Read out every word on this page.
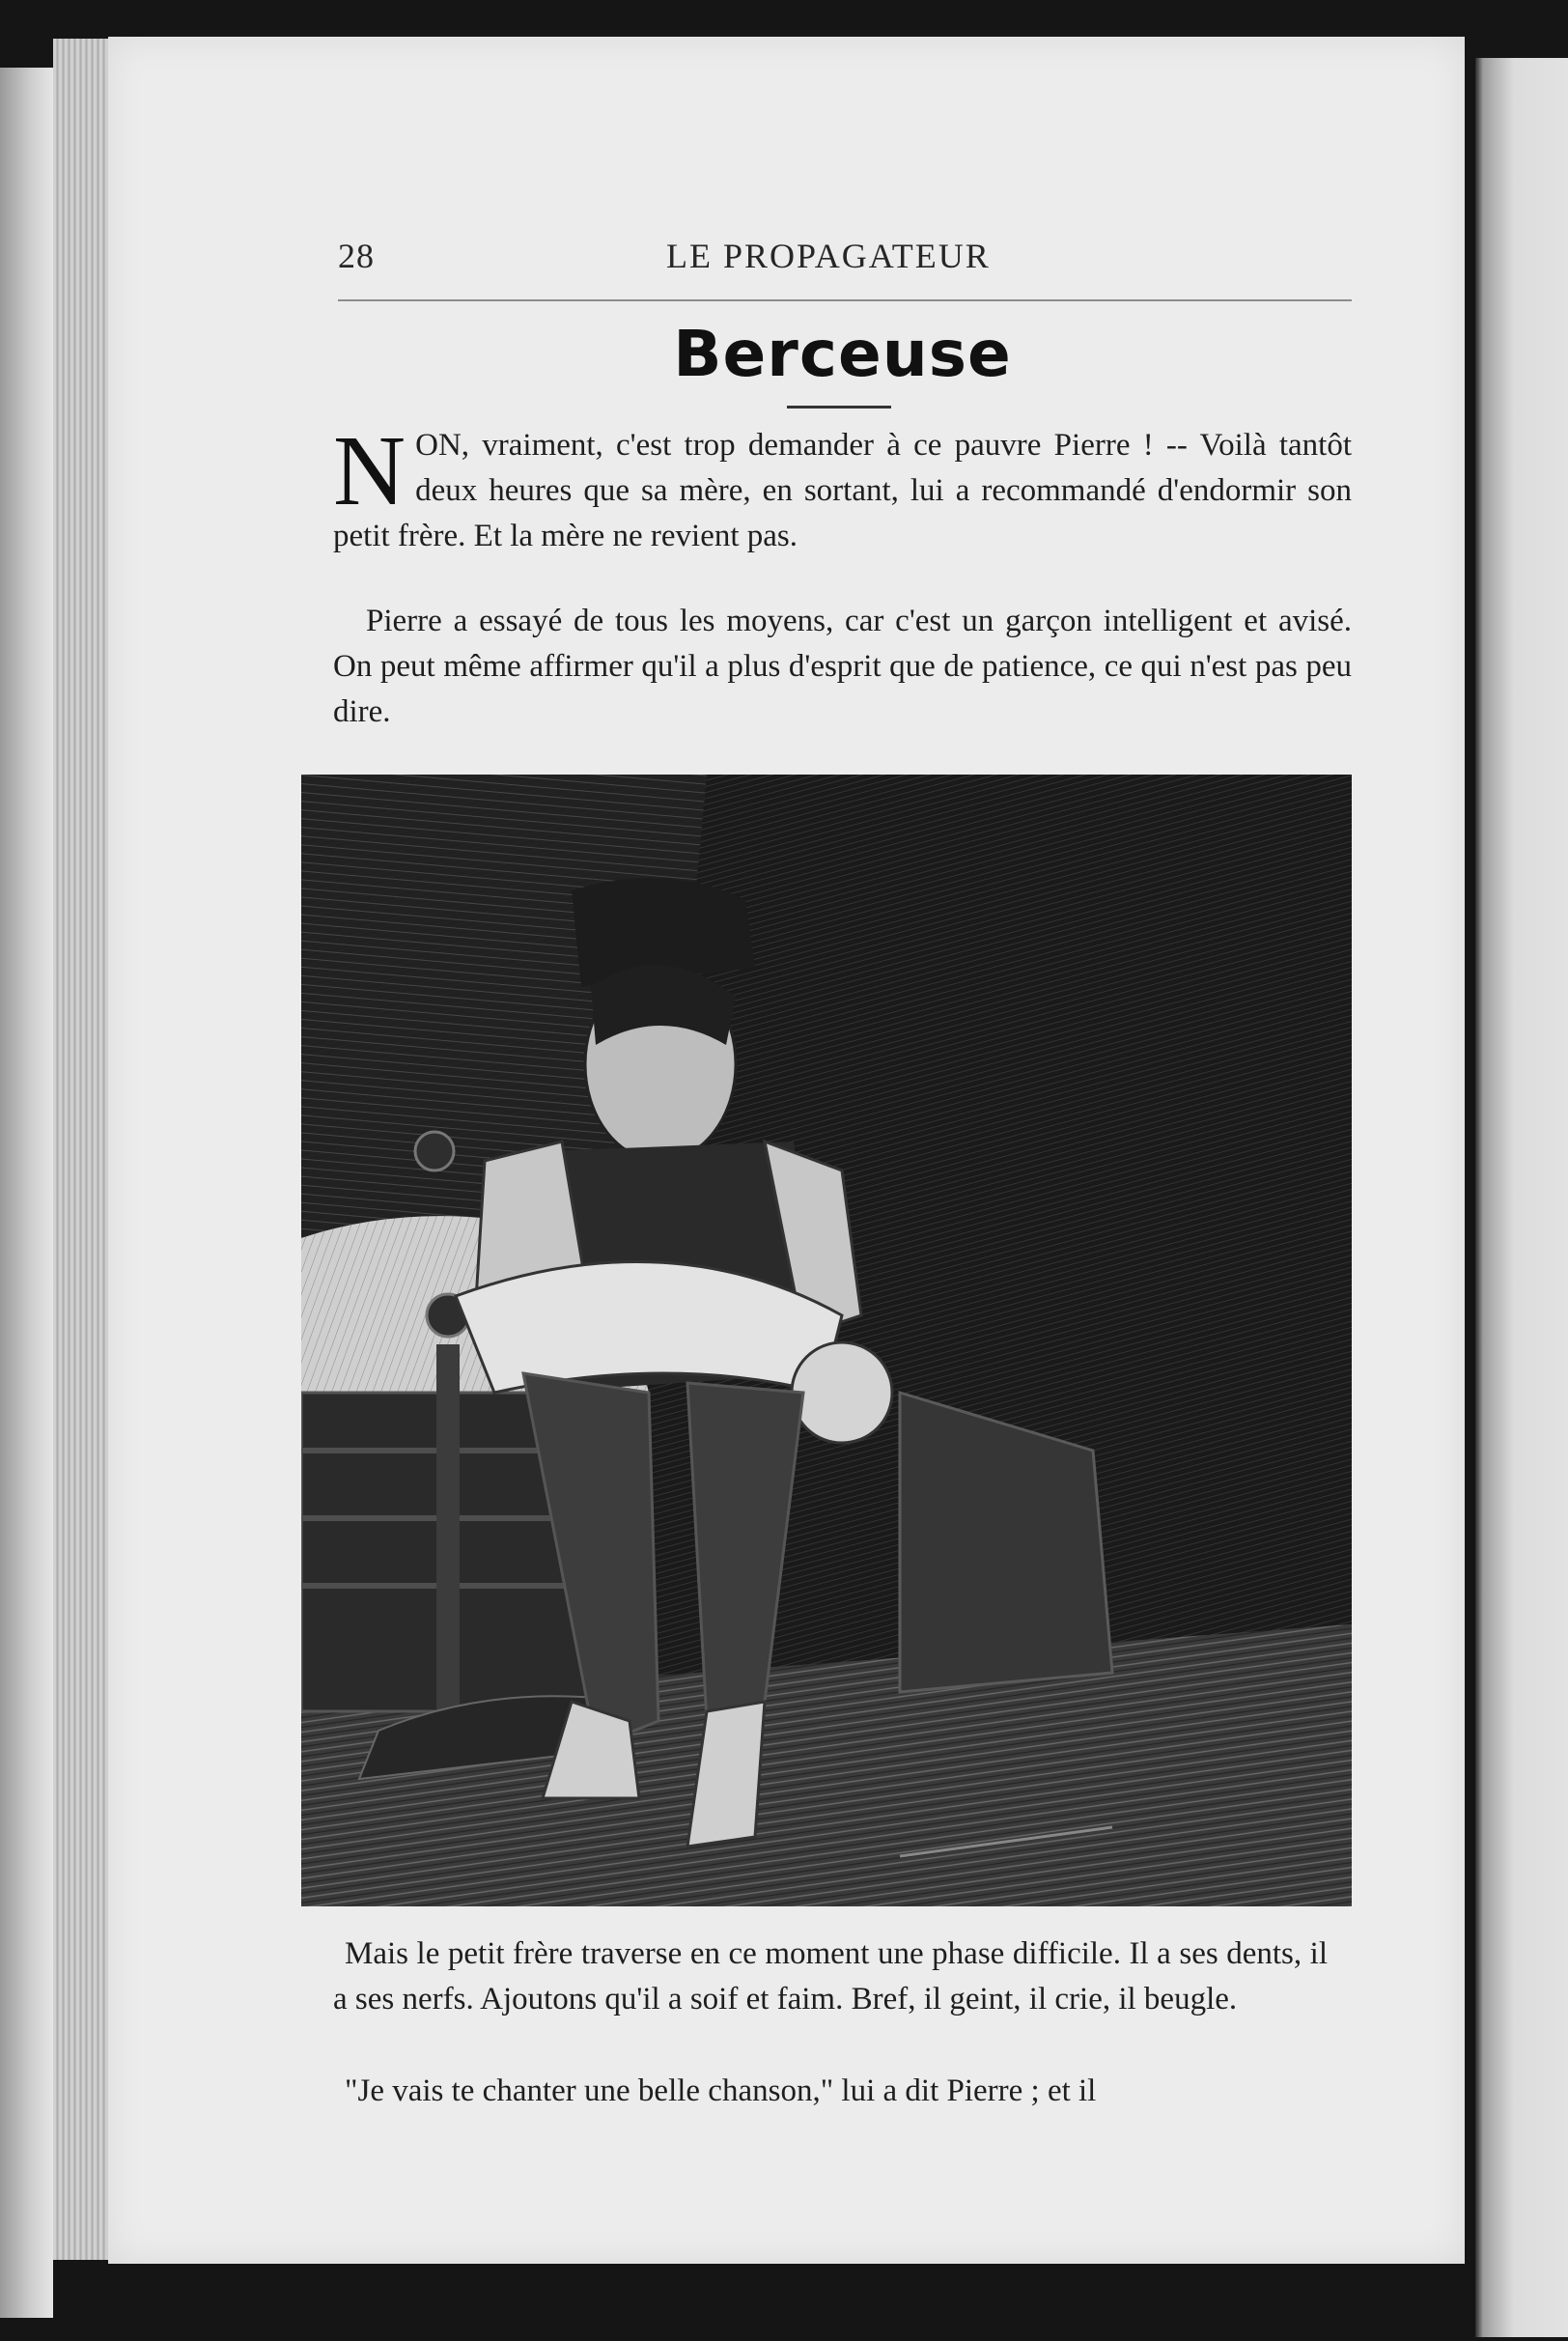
28	LE PROPAGATEUR
Berceuse
NON, vraiment, c'est trop demander à ce pauvre Pierre ! -- Voilà tantôt deux heures que sa mère, en sortant, lui a recommandé d'endormir son petit frère. Et la mère ne revient pas.
Pierre a essayé de tous les moyens, car c'est un garçon intelligent et avisé. On peut même affirmer qu'il a plus d'esprit que de patience, ce qui n'est pas peu dire.
Mais le petit frère traverse en ce moment une phase difficile. Il a ses dents, il a ses nerfs. Ajoutons qu'il a soif et faim. Bref, il geint, il crie, il beugle.
"Je vais te chanter une belle chanson," lui a dit Pierre ; et il
